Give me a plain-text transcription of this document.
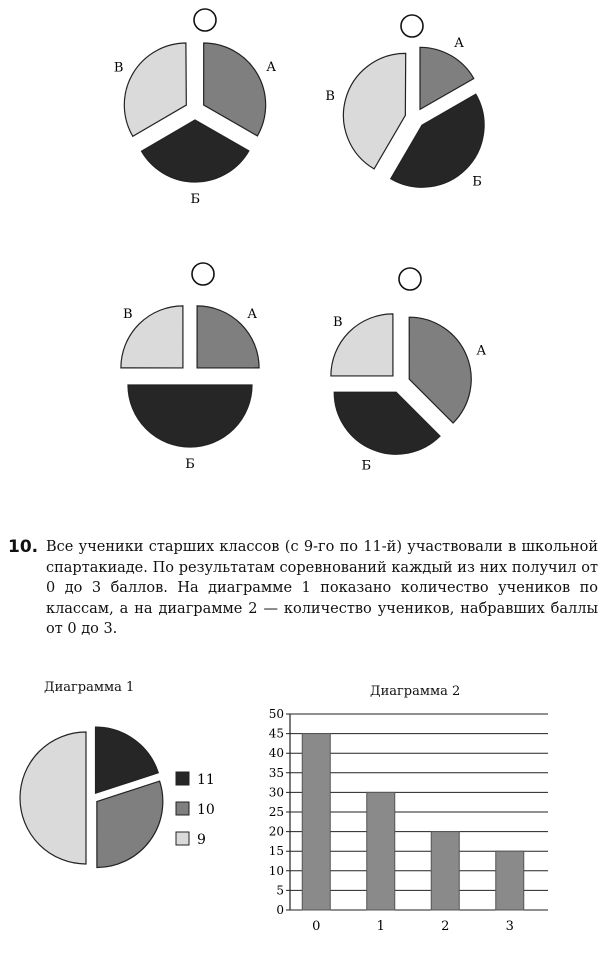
А
Б
В
А
Б
В
А
Б
В
А
Б
В
10. Все ученики старших классов (с 9-го по 11-й) участвовали в школьной спартакиаде. По результатам соревнований каждый из них получил от 0 до 3 баллов. На диаграмме 1 показано количество учеников по классам, а на диаграмме 2 — количество учеников, набравших баллы от 0 до 3.
Диаграмма 1
11
10
9
Диаграмма 2
0
5
10
15
20
25
30
35
40
45
50
0	1	2	3
